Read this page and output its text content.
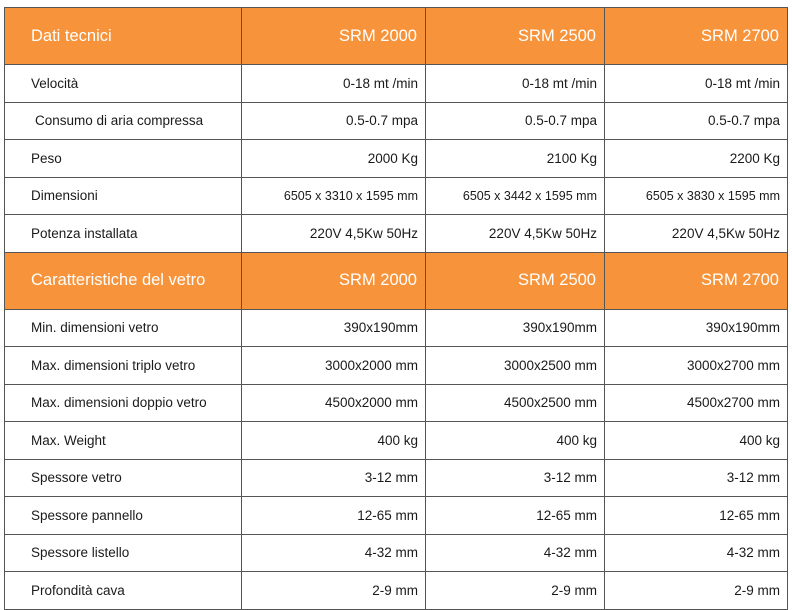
Dati tecnici	SRM 2000	SRM 2500	SRM 2700
Velocità	0-18 mt /min	0-18 mt /min	0-18 mt /min
Consumo di aria compressa	0.5-0.7 mpa	0.5-0.7 mpa	0.5-0.7 mpa
Peso	2000 Kg	2100 Kg	2200 Kg
Dimensioni	6505 x 3310 x 1595 mm	6505 x 3442 x 1595 mm	6505 x 3830 x 1595 mm
Potenza installata	220V 4,5Kw 50Hz	220V 4,5Kw 50Hz	220V 4,5Kw 50Hz
Caratteristiche del vetro	SRM 2000	SRM 2500	SRM 2700
Min. dimensioni vetro	390x190mm	390x190mm	390x190mm
Max. dimensioni triplo vetro	3000x2000 mm	3000x2500 mm	3000x2700 mm
Max. dimensioni doppio vetro	4500x2000 mm	4500x2500 mm	4500x2700 mm
Max. Weight	400 kg	400 kg	400 kg
Spessore vetro	3-12 mm	3-12 mm	3-12 mm
Spessore pannello	12-65 mm	12-65 mm	12-65 mm
Spessore listello	4-32 mm	4-32 mm	4-32 mm
Profondità cava	2-9 mm	2-9 mm	2-9 mm
